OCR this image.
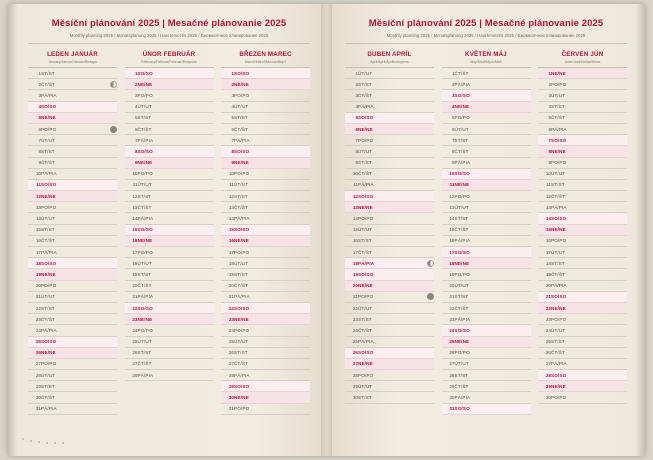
Měsíční plánování 2025 | Mesačné plánovanie 2025
Monthly planning 2025 / Monatsplanung 2025 / Havi tervezés 2025 / Ежемесячное планирование 2025
LEDEN JANUÁR
January/Januar/Január/Январь
1	ST/ST	
2	ČT/ŠT	
3	PÁ/PIA	
4	SO/SO	
5	NE/NE	
6	PO/PO	
7	ÚT/UT	
8	ST/ST	
9	ČT/ŠT	
10	PÁ/PIA	
11	SO/SO	
12	NE/NE	
13	PO/PO	
14	ÚT/UT	
15	ST/ST	
16	ČT/ŠT	
17	PÁ/PIA	
18	SO/SO	
19	NE/NE	
20	PO/PO	
21	ÚT/UT	
22	ST/ST	
23	ČT/ŠT	
24	PÁ/PIA	
25	SO/SO	
26	NE/NE	
27	PO/PO	
28	ÚT/UT	
29	ST/ST	
30	ČT/ŠT	
31	PÁ/PIA	
ÚNOR FEBRUÁR
February/Februar/Február/Февраль
1	SO/SO	
2	NE/NE	
3	PO/PO	
4	ÚT/UT	
5	ST/ST	
6	ČT/ŠT	
7	PÁ/PIA	
8	SO/SO	
9	NE/NE	
10	PO/PO	
11	ÚT/UT	
12	ST/ST	
13	ČT/ŠT	
14	PÁ/PIA	
15	SO/SO	
16	NE/NE	
17	PO/PO	
18	ÚT/UT	
19	ST/ST	
20	ČT/ŠT	
21	PÁ/PIA	
22	SO/SO	
23	NE/NE	
24	PO/PO	
25	ÚT/UT	
26	ST/ST	
27	ČT/ŠT	
28	PÁ/PIA	
BŘEZEN MAREC
March/März/Március/Март
1	SO/SO	
2	NE/NE	
3	PO/PO	
4	ÚT/UT	
5	ST/ST	
6	ČT/ŠT	
7	PÁ/PIA	
8	SO/SO	
9	NE/NE	
10	PO/PO	
11	ÚT/UT	
12	ST/ST	
13	ČT/ŠT	
14	PÁ/PIA	
15	SO/SO	
16	NE/NE	
17	PO/PO	
18	ÚT/UT	
19	ST/ST	
20	ČT/ŠT	
21	PÁ/PIA	
22	SO/SO	
23	NE/NE	
24	PO/PO	
25	ÚT/UT	
26	ST/ST	
27	ČT/ŠT	
28	PÁ/PIA	
29	SO/SO	
30	NE/NE	
31	PO/PO	
Měsíční plánování 2025 | Mesačné plánovanie 2025
Monthly planning 2025 / Monatsplanung 2025 / Havi tervezés 2025 / Ежемесячное планирование 2025
DUBEN APRÍL
April/April/Április/Апрель
1	ÚT/UT	
2	ST/ST	
3	ČT/ŠT	
4	PÁ/PIA	
5	SO/SO	
6	NE/NE	
7	PO/PO	
8	ÚT/UT	
9	ST/ST	
10	ČT/ŠT	
11	PÁ/PIA	
12	SO/SO	
13	NE/NE	
14	PO/PO	
15	ÚT/UT	
16	ST/ST	
17	ČT/ŠT	
18	PÁ/PIA	
19	SO/SO	
20	NE/NE	
21	PO/PO	
22	ÚT/UT	
23	ST/ST	
24	ČT/ŠT	
25	PÁ/PIA	
26	SO/SO	
27	NE/NE	
28	PO/PO	
29	ÚT/UT	
30	ST/ST	
KVĚTEN MÁJ
May/Mai/Május/Май
1	ČT/ŠT	
2	PÁ/PIA	
3	SO/SO	
4	NE/NE	
5	PO/PO	
6	ÚT/UT	
7	ST/ST	
8	ČT/ŠT	
9	PÁ/PIA	
10	SO/SO	
11	NE/NE	
12	PO/PO	
13	ÚT/UT	
14	ST/ST	
15	ČT/ŠT	
16	PÁ/PIA	
17	SO/SO	
18	NE/NE	
19	PO/PO	
20	ÚT/UT	
21	ST/ST	
22	ČT/ŠT	
23	PÁ/PIA	
24	SO/SO	
25	NE/NE	
26	PO/PO	
27	ÚT/UT	
28	ST/ST	
29	ČT/ŠT	
30	PÁ/PIA	
31	SO/SO	
ČERVEN JÚN
June/Juni/Június/Июнь
1	NE/NE	
2	PO/PO	
3	ÚT/UT	
4	ST/ST	
5	ČT/ŠT	
6	PÁ/PIA	
7	SO/SO	
8	NE/NE	
9	PO/PO	
10	ÚT/UT	
11	ST/ST	
12	ČT/ŠT	
13	PÁ/PIA	
14	SO/SO	
15	NE/NE	
16	PO/PO	
17	ÚT/UT	
18	ST/ST	
19	ČT/ŠT	
20	PÁ/PIA	
21	SO/SO	
22	NE/NE	
23	PO/PO	
24	ÚT/UT	
25	ST/ST	
26	ČT/ŠT	
27	PÁ/PIA	
28	SO/SO	
29	NE/NE	
30	PO/PO	
